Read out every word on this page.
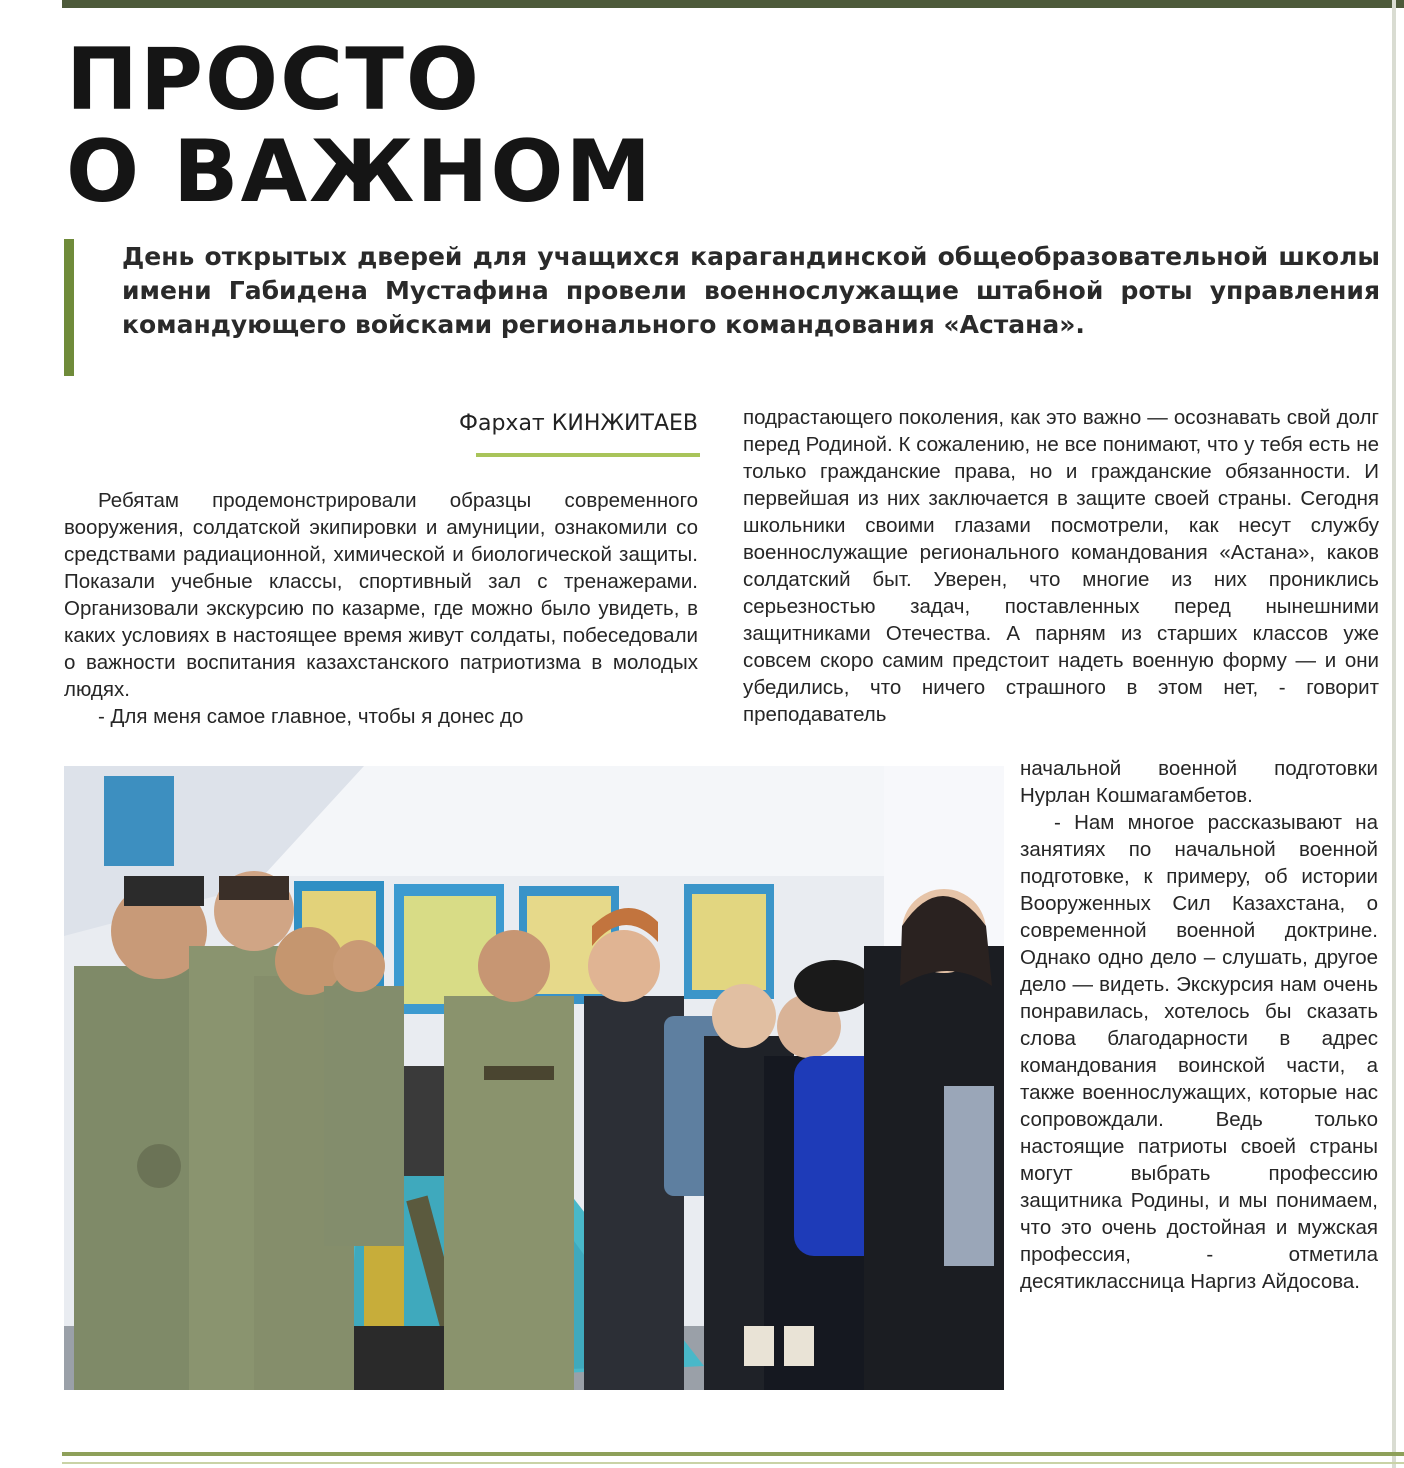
ПРОСТО
О ВАЖНОМ

День открытых дверей для учащихся карагандинской общеобразовательной школы имени Габидена Мустафина провели военнослужащие штабной роты управления командующего войсками регионального командования «Астана».

Фархат КИНЖИТАЕВ

Ребятам продемонстрировали образцы современного вооружения, солдатской экипировки и амуниции, ознакомили со средствами радиационной, химической и биологической защиты. Показали учебные классы, спортивный зал с тренажерами. Организовали экскурсию по казарме, где можно было увидеть, в каких условиях в настоящее время живут солдаты, побеседовали о важности воспитания казахстанского патриотизма в молодых людях.

- Для меня самое главное, чтобы я донес до

подрастающего поколения, как это важно — осознавать свой долг перед Родиной. К сожалению, не все понимают, что у тебя есть не только гражданские права, но и гражданские обязанности. И первейшая из них заключается в защите своей страны. Сегодня школьники своими глазами посмотрели, как несут службу военнослужащие регионального командования «Астана», каков солдатский быт. Уверен, что многие из них прониклись серьезностью задач, поставленных перед нынешними защитниками Отечества. А парням из старших классов уже совсем скоро самим предстоит надеть военную форму — и они убедились, что ничего страшного в этом нет, - говорит преподаватель

начальной военной подготовки Нурлан Кошмагамбетов.

- Нам многое рассказывают на занятиях по начальной военной подготовке, к примеру, об истории Вооруженных Сил Казахстана, о современной военной доктрине. Однако одно дело – слушать, другое дело — видеть. Экскурсия нам очень понравилась, хотелось бы сказать слова благодарности в адрес командования воинской части, а также военнослужащих, которые нас сопровождали. Ведь только настоящие патриоты своей страны могут выбрать профессию защитника Родины, и мы понимаем, что это очень достойная и мужская профессия, - отметила десятиклассница Наргиз Айдосова.
